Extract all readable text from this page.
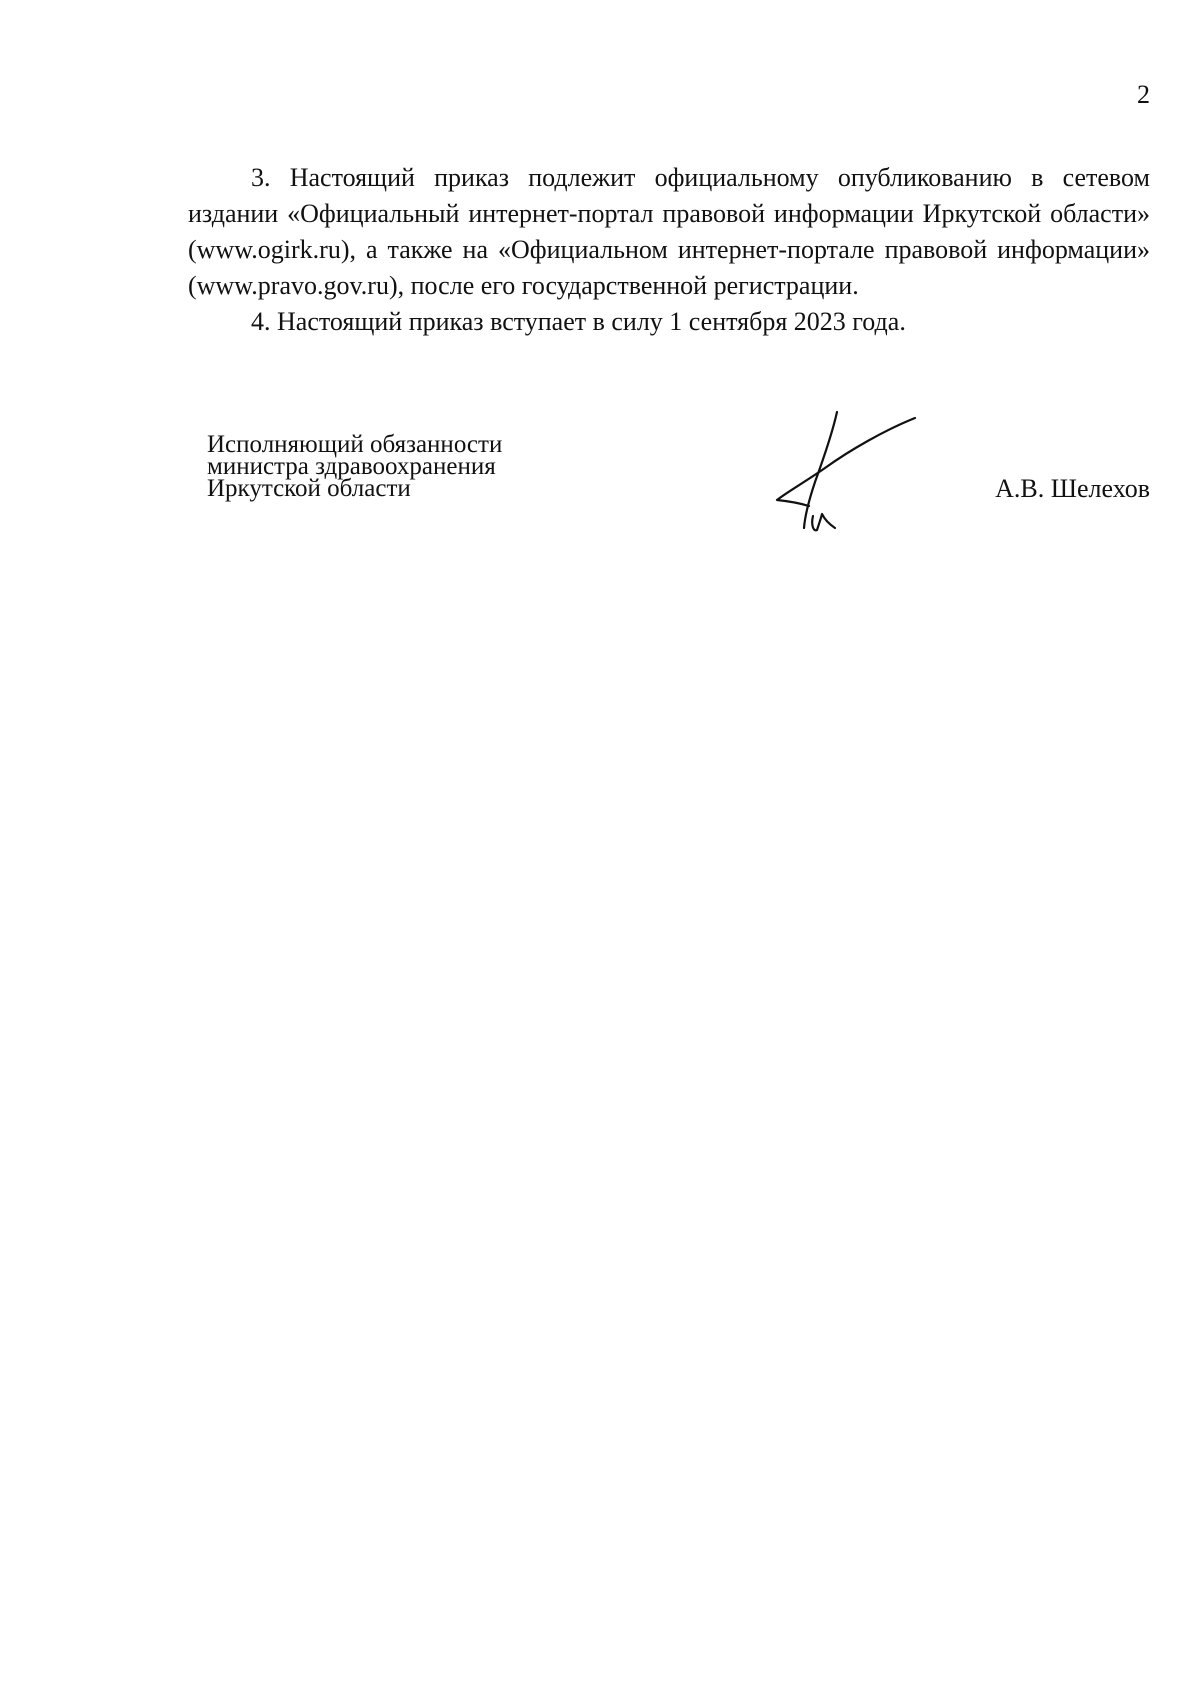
2

3. Настоящий приказ подлежит официальному опубликованию в сетевом издании «Официальный интернет-портал правовой информации Иркутской области» (www.ogirk.ru), а также на «Официальном интернет-портале правовой информации» (www.pravo.gov.ru), после его государственной регистрации.

4. Настоящий приказ вступает в силу 1 сентября 2023 года.

Исполняющий обязанности
министра здравоохранения
Иркутской области	А.В. Шелехов
